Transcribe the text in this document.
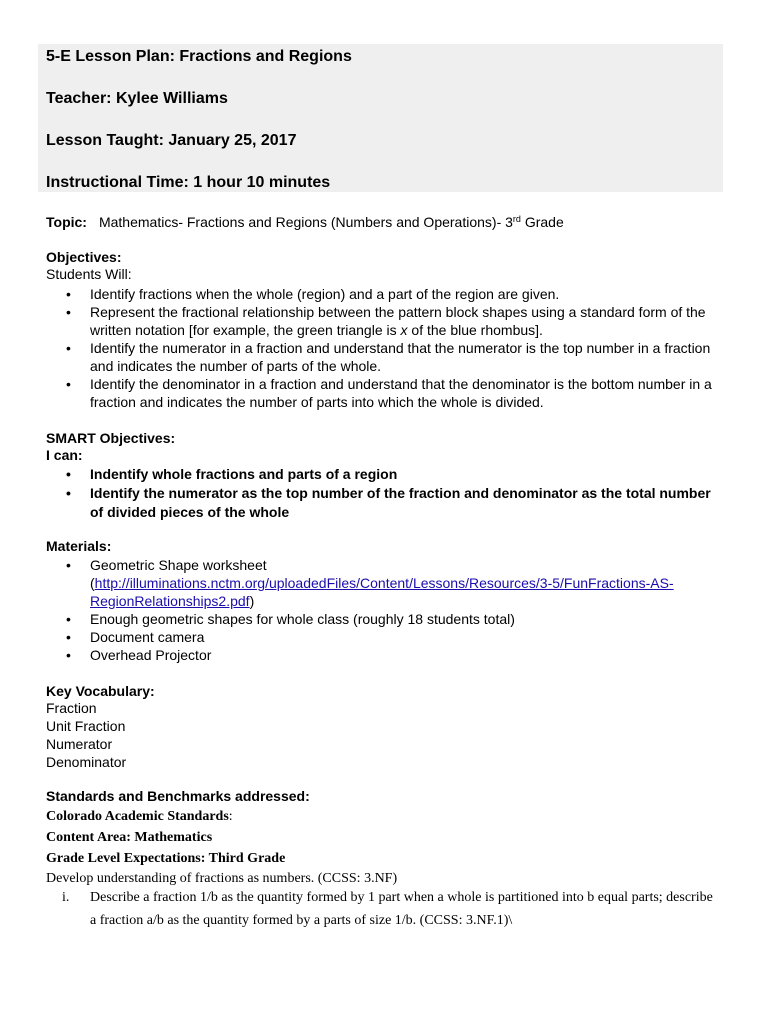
5-E Lesson Plan: Fractions and Regions
Teacher: Kylee Williams
Lesson Taught: January 25, 2017
Instructional Time: 1 hour 10 minutes
Topic: Mathematics- Fractions and Regions (Numbers and Operations)- 3rd Grade
Objectives:
Students Will:
• Identify fractions when the whole (region) and a part of the region are given.
• Represent the fractional relationship between the pattern block shapes using a standard form of the written notation [for example, the green triangle is x of the blue rhombus].
• Identify the numerator in a fraction and understand that the numerator is the top number in a fraction and indicates the number of parts of the whole.
• Identify the denominator in a fraction and understand that the denominator is the bottom number in a fraction and indicates the number of parts into which the whole is divided.
SMART Objectives:
I can:
• Indentify whole fractions and parts of a region
• Identify the numerator as the top number of the fraction and denominator as the total number of divided pieces of the whole
Materials:
• Geometric Shape worksheet
(http://illuminations.nctm.org/uploadedFiles/Content/Lessons/Resources/3-5/FunFractions-AS-
RegionRelationships2.pdf)
• Enough geometric shapes for whole class (roughly 18 students total)
• Document camera
• Overhead Projector
Key Vocabulary:
Fraction
Unit Fraction
Numerator
Denominator
Standards and Benchmarks addressed:
Colorado Academic Standards:
Content Area: Mathematics
Grade Level Expectations: Third Grade
Develop understanding of fractions as numbers. (CCSS: 3.NF)
i.	Describe a fraction 1/b as the quantity formed by 1 part when a whole is partitioned into b equal parts; describe a fraction a/b as the quantity formed by a parts of size 1/b. (CCSS: 3.NF.1)\
